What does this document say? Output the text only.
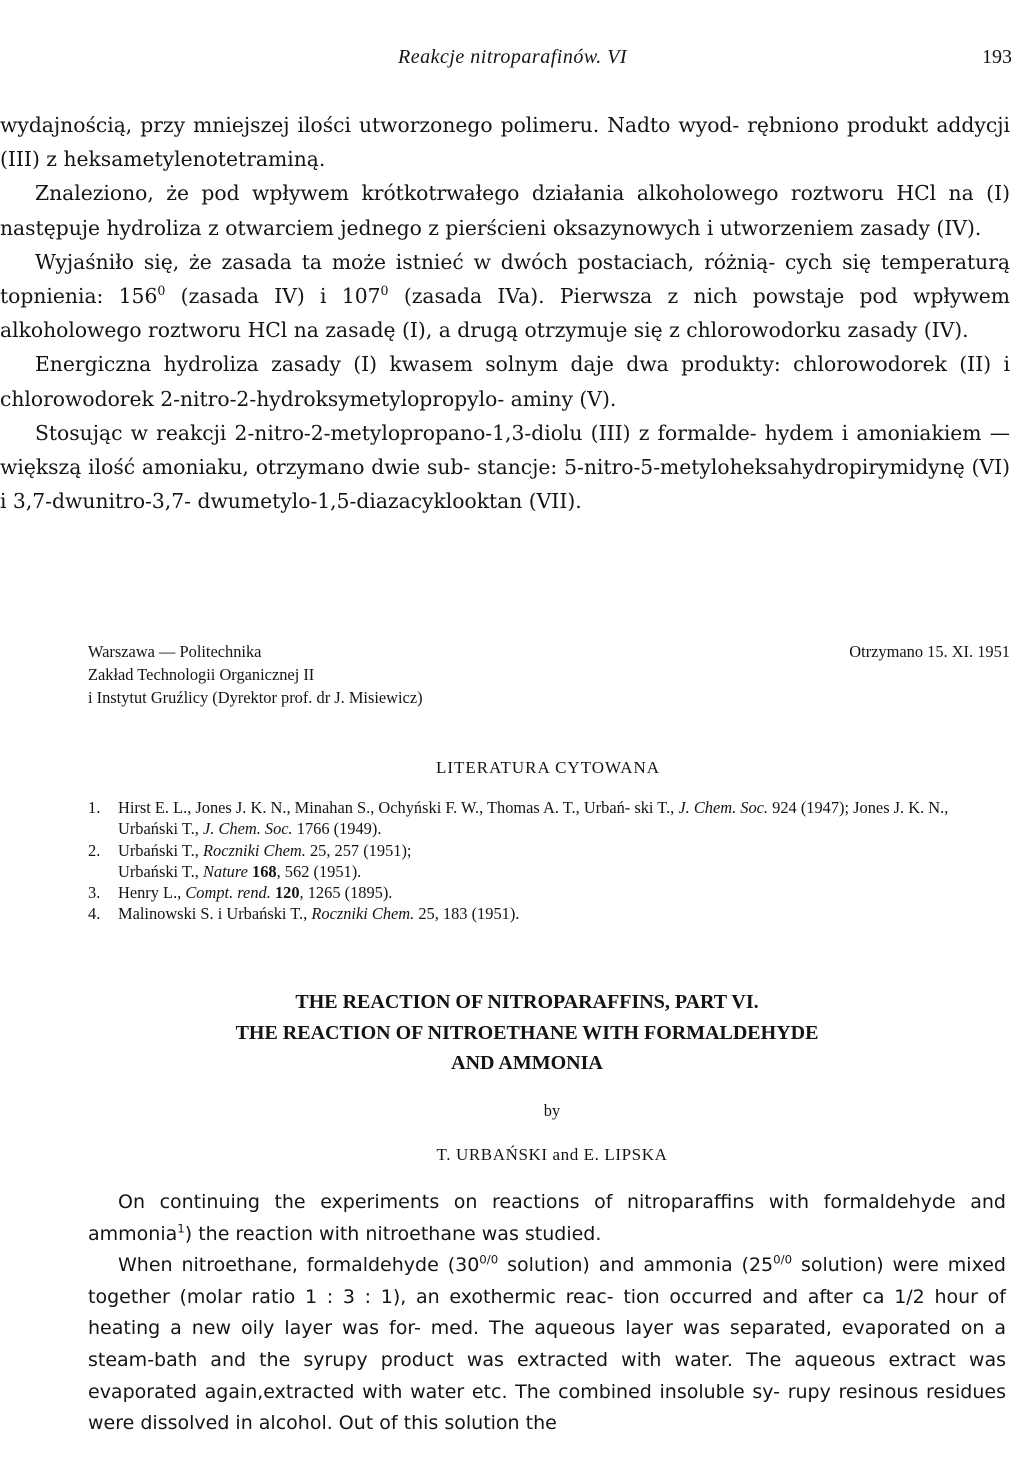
Reakcje nitroparafinów. VI	193

wydajnością, przy mniejszej ilości utworzonego polimeru. Nadto wyod- rębniono produkt addycji (III) z heksametylenotetraminą.

Znaleziono, że pod wpływem krótkotrwałego działania alkoholowego roztworu HCl na (I) następuje hydroliza z otwarciem jednego z pierścieni oksazynowych i utworzeniem zasady (IV).

Wyjaśniło się, że zasada ta może istnieć w dwóch postaciach, różnią- cych się temperaturą topnienia: $156^0$ (zasada IV) i $107^0$ (zasada IVa). Pierwsza z nich powstaje pod wpływem alkoholowego roztworu HCl na zasadę (I), a drugą otrzymuje się z chlorowodorku zasady (IV).

Energiczna hydroliza zasady (I) kwasem solnym daje dwa produkty: chlorowodorek (II) i chlorowodorek 2-nitro-2-hydroksymetylopropylo- aminy (V).

Stosując w reakcji 2-nitro-2-metylopropano-1,3-diolu (III) z formalde- hydem i amoniakiem — większą ilość amoniaku, otrzymano dwie sub- stancje: 5-nitro-5-metyloheksahydropirymidynę (VI) i 3,7-dwunitro-3,7- dwumetylo-1,5-diazacyklooktan (VII).

Warszawa — Politechnika	Otrzymano 15. XI. 1951
Zakład Technologii Organicznej II
i Instytut Gruźlicy (Dyrektor prof. dr J. Misiewicz)
LITERATURA CYTOWANA
1. Hirst E. L., Jones J. K. N., Minahan S., Ochyński F. W., Thomas A. T., Urbań- ski T., J. Chem. Soc. 924 (1947); Jones J. K. N., Urbański T., J. Chem. Soc. 1766 (1949).
2. Urbański T., Roczniki Chem. 25, 257 (1951);
Urbański T., Nature 168, 562 (1951).
3. Henry L., Compt. rend. 120, 1265 (1895).
4. Malinowski S. i Urbański T., Roczniki Chem. 25, 183 (1951).
THE REACTION OF NITROPARAFFINS, PART VI.
THE REACTION OF NITROETHANE WITH FORMALDEHYDE
AND AMMONIA
by
T. URBAŃSKI and E. LIPSKA

On continuing the experiments on reactions of nitroparaffins with formaldehyde and ammonia$^1$) the reaction with nitroethane was studied.

When nitroethane, formaldehyde ($30^{0/0}$ solution) and ammonia ($25^{0/0}$ solution) were mixed together (molar ratio 1 : 3 : 1), an exothermic reac- tion occurred and after ca 1/2 hour of heating a new oily layer was for- med. The aqueous layer was separated, evaporated on a steam-bath and the syrupy product was extracted with water. The aqueous extract was evaporated again,extracted with water etc. The combined insoluble sy- rupy resinous residues were dissolved in alcohol. Out of this solution the
